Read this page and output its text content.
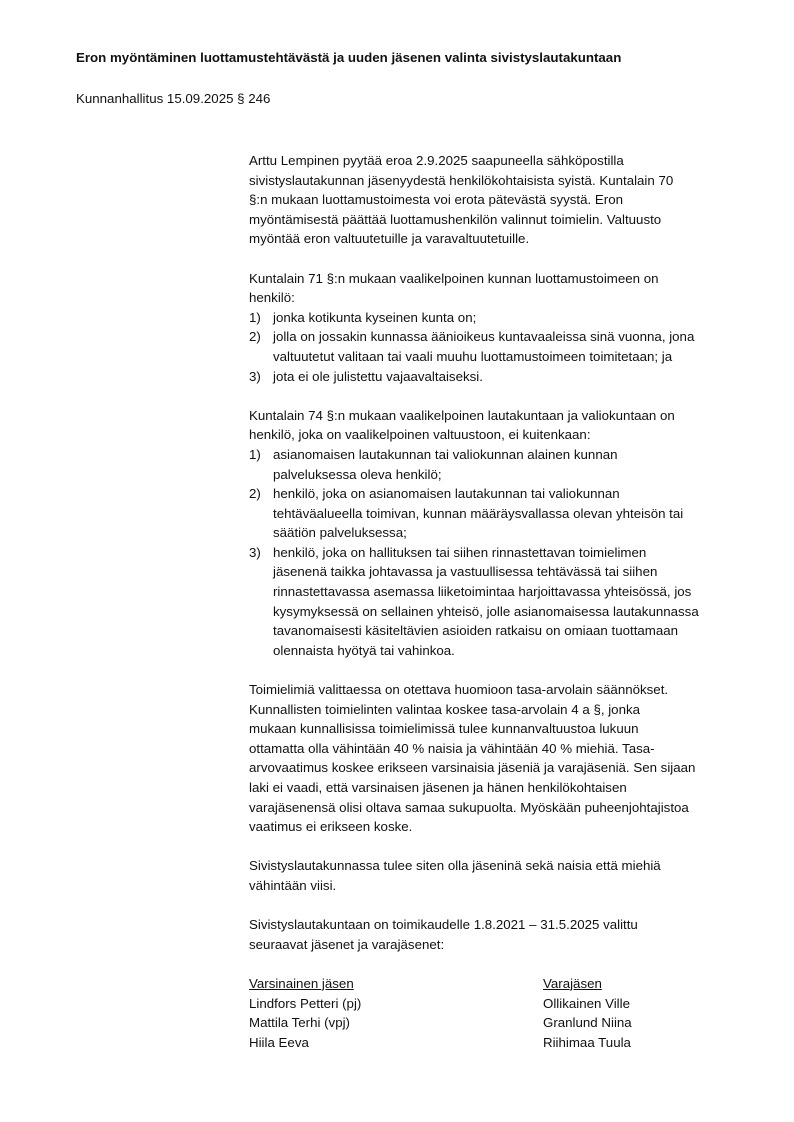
Eron myöntäminen luottamustehtävästä ja uuden jäsenen valinta sivistyslautakuntaan
Kunnanhallitus 15.09.2025 § 246

Arttu Lempinen pyytää eroa 2.9.2025 saapuneella sähköpostilla
sivistyslautakunnan jäsenyydestä henkilökohtaisista syistä. Kuntalain 70
§:n mukaan luottamustoimesta voi erota pätevästä syystä. Eron
myöntämisestä päättää luottamushenkilön valinnut toimielin. Valtuusto
myöntää eron valtuutetuille ja varavaltuutetuille.

Kuntalain 71 §:n mukaan vaalikelpoinen kunnan luottamustoimeen on
henkilö:

1) jonka kotikunta kyseinen kunta on;
2) jolla on jossakin kunnassa äänioikeus kuntavaaleissa sinä vuonna, jona
valtuutetut valitaan tai vaali muuhu luottamustoimeen toimitetaan; ja
3) jota ei ole julistettu vajaavaltaiseksi.

Kuntalain 74 §:n mukaan vaalikelpoinen lautakuntaan ja valiokuntaan on
henkilö, joka on vaalikelpoinen valtuustoon, ei kuitenkaan:

1) asianomaisen lautakunnan tai valiokunnan alainen kunnan
palveluksessa oleva henkilö;
2) henkilö, joka on asianomaisen lautakunnan tai valiokunnan
tehtäväalueella toimivan, kunnan määräysvallassa olevan yhteisön tai
säätiön palveluksessa;
3) henkilö, joka on hallituksen tai siihen rinnastettavan toimielimen
jäsenenä taikka johtavassa ja vastuullisessa tehtävässä tai siihen
rinnastettavassa asemassa liiketoimintaa harjoittavassa yhteisössä, jos
kysymyksessä on sellainen yhteisö, jolle asianomaisessa lautakunnassa
tavanomaisesti käsiteltävien asioiden ratkaisu on omiaan tuottamaan
olennaista hyötyä tai vahinkoa.

Toimielimiä valittaessa on otettava huomioon tasa-arvolain säännökset.
Kunnallisten toimielinten valintaa koskee tasa-arvolain 4 a §, jonka
mukaan kunnallisissa toimielimissä tulee kunnanvaltuustoa lukuun
ottamatta olla vähintään 40 % naisia ja vähintään 40 % miehiä. Tasa-
arvovaatimus koskee erikseen varsinaisia jäseniä ja varajäseniä. Sen sijaan
laki ei vaadi, että varsinaisen jäsenen ja hänen henkilökohtaisen
varajäsenensä olisi oltava samaa sukupuolta. Myöskään puheenjohtajistoa
vaatimus ei erikseen koske.

Sivistyslautakunnassa tulee siten olla jäseninä sekä naisia että miehiä
vähintään viisi.

Sivistyslautakuntaan on toimikaudelle 1.8.2021 – 31.5.2025 valittu
seuraavat jäsenet ja varajäsenet:

Varsinainen jäsen
Lindfors Petteri (pj)
Mattila Terhi (vpj)
Hiila Eeva
Varajäsen
Ollikainen Ville
Granlund Niina
Riihimaa Tuula
